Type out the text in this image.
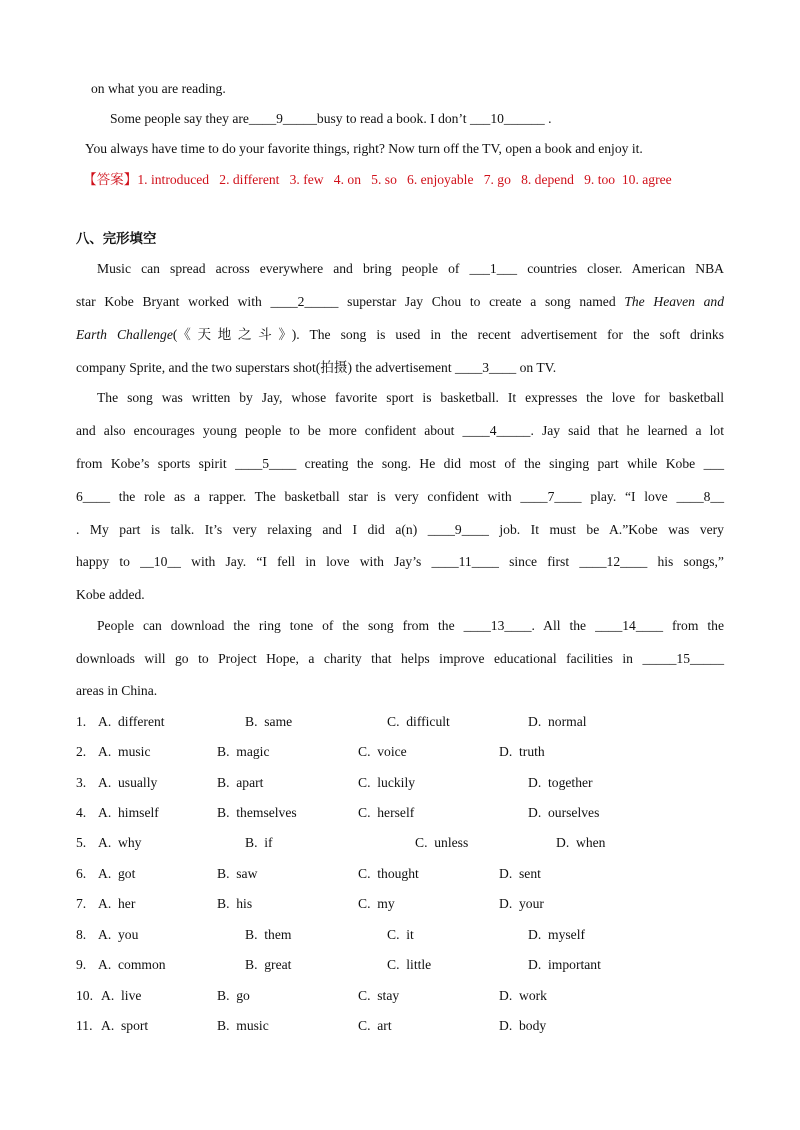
on what you are reading.
Some people say they are____9_____busy to read a book. I don’t ___10______ .
You always have time to do your favorite things, right? Now turn off the TV, open a book and enjoy it.
【答案】1. introduced   2. different   3. few   4. on   5. so   6. enjoyable   7. go   8. depend   9. too  10. agree
八、完形填空
Music can spread across everywhere and bring people of ___1___ countries closer. American NBA
star Kobe Bryant worked with ____2_____ superstar Jay Chou to create a song named The Heaven and
Earth Challenge(《天地之斗》). The song is used in the recent advertisement for the soft drinks
company Sprite, and the two superstars shot(拍摄) the advertisement ____3____ on TV.
The song was written by Jay, whose favorite sport is basketball. It expresses the love for basketball
and also encourages young people to be more confident about ____4_____. Jay said that he learned a lot
from Kobe’s sports spirit ____5____ creating the song. He did most of the singing part while Kobe ___
6____ the role as a rapper. The basketball star is very confident with ____7____ play. “I love ____8__
. My part is talk. It’s very relaxing and I did a(n) ____9____ job. It must be A.”Kobe was very
happy to __10__ with Jay. “I fell in love with Jay’s ____11____ since first ____12____ his songs,”
Kobe added.
People can download the ring tone of the song from the ____13____. All the ____14____ from the
downloads will go to Project Hope, a charity that helps improve educational facilities in _____15_____
areas in China.
1. A.  different	B.  same	C.  difficult	D.  normal
2. A.  music	B.  magic	C.  voice	D.  truth
3. A.  usually	B.  apart	C.  luckily	D.  together
4. A.  himself	B.  themselves	C.  herself	D.  ourselves
5. A.  why	B.  if	C.  unless	D.  when
6. A.  got	B.  saw	C.  thought	D.  sent
7. A.  her	B.  his	C.  my	D.  your
8. A.  you	B.  them	C.  it	D.  myself
9. A.  common	B.  great	C.  little	D.  important
10. A.  live	B.  go	C.  stay	D.  work
11. A.  sport	B.  music	C.  art	D.  body
